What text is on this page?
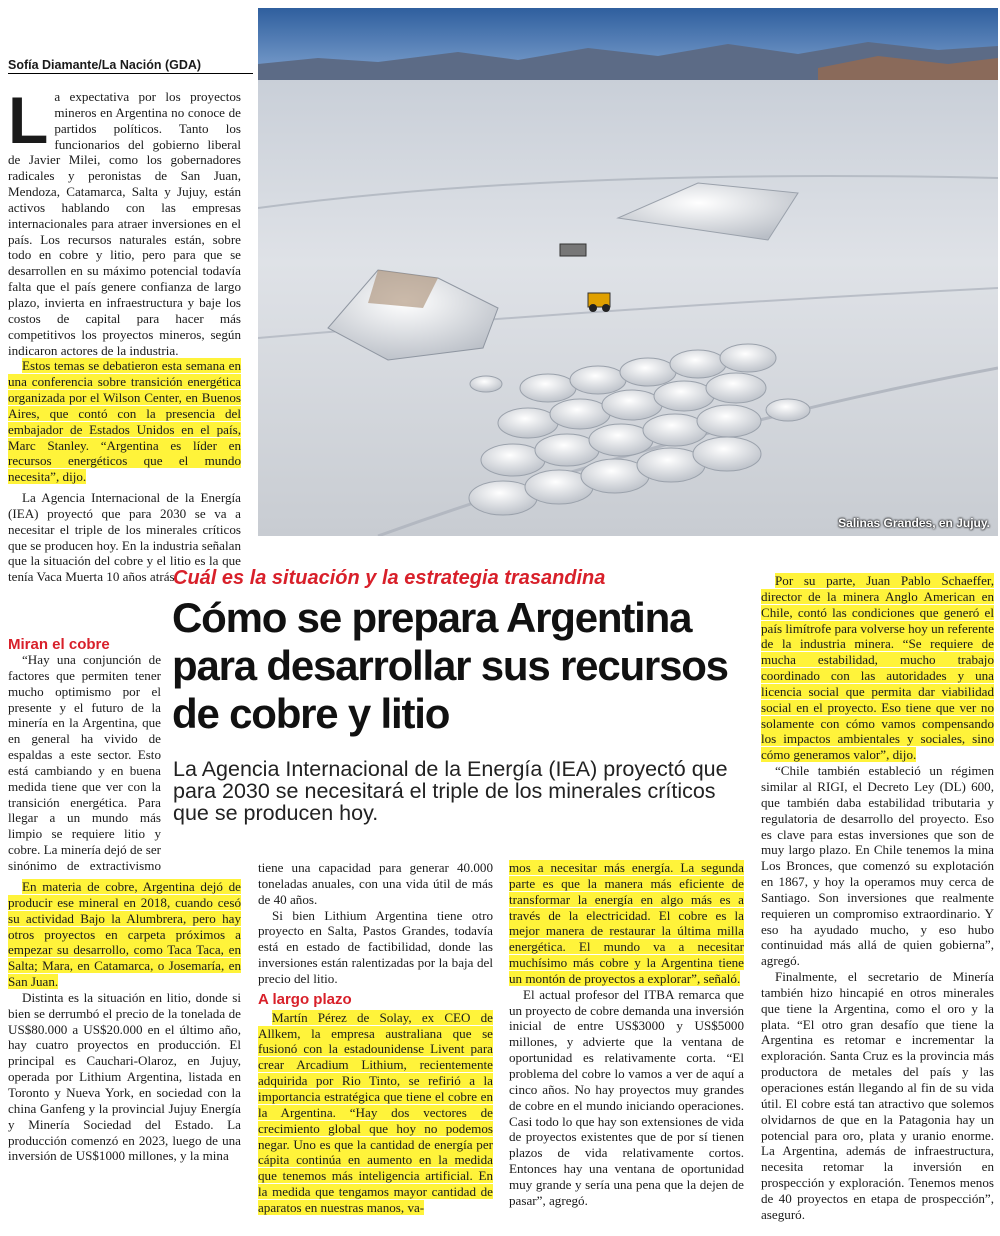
Sofía Diamante/La Nación (GDA)
Salinas Grandes, en Jujuy.

La expectativa por los proyectos mineros en Argentina no conoce de partidos políticos. Tanto los funcionarios del gobierno liberal de Javier Milei, como los gobernadores radicales y peronistas de San Juan, Mendoza, Catamarca, Salta y Jujuy, están activos hablando con las empresas internacionales para atraer inversiones en el país. Los recursos naturales están, sobre todo en cobre y litio, pero para que se desarrollen en su máximo potencial todavía falta que el país genere confianza de largo plazo, invierta en infraestructura y baje los costos de capital para hacer más competitivos los proyectos mineros, según indicaron actores de la industria.

Estos temas se debatieron esta semana en una conferencia sobre transición energética organizada por el Wilson Center, en Buenos Aires, que contó con la presencia del embajador de Estados Unidos en el país, Marc Stanley. “Argentina es líder en recursos energéticos que el mundo necesita”, dijo.

La Agencia Internacional de la Energía (IEA) proyectó que para 2030 se va a necesitar el triple de los minerales críticos que se producen hoy. En la industria señalan que la situación del cobre y el litio es la que tenía Vaca Muerta 10 años atrás.

Miran el cobre

“Hay una conjunción de factores que permiten tener mucho optimismo por el presente y el futuro de la minería en la Argentina, que en general ha vivido de espaldas a este sector. Esto está cambiando y en buena medida tiene que ver con la transición energética. Para llegar a un mundo más limpio se requiere litio y cobre. La minería dejó de ser sinónimo de extractivismo

En materia de cobre, Argentina dejó de producir ese mineral en 2018, cuando cesó su actividad Bajo la Alumbrera, pero hay otros proyectos en carpeta próximos a empezar su desarrollo, como Taca Taca, en Salta; Mara, en Catamarca, o Josemaría, en San Juan.

Distinta es la situación en litio, donde si bien se derrumbó el precio de la tonelada de US$80.000 a US$20.000 en el último año, hay cuatro proyectos en producción. El principal es Cauchari-Olaroz, en Jujuy, operada por Lithium Argentina, listada en Toronto y Nueva York, en sociedad con la china Ganfeng y la provincial Jujuy Energía y Minería Sociedad del Estado. La producción comenzó en 2023, luego de una inversión de US$1000 millones, y la mina

Cuál es la situación y la estrategia trasandina
Cómo se prepara Argentina para desarrollar sus recursos de cobre y litio
La Agencia Internacional de la Energía (IEA) proyectó que para 2030 se necesitará el triple de los minerales críticos que se producen hoy.

tiene una capacidad para generar 40.000 toneladas anuales, con una vida útil de más de 40 años.

Si bien Lithium Argentina tiene otro proyecto en Salta, Pastos Grandes, todavía está en estado de factibilidad, donde las inversiones están ralentizadas por la baja del precio del litio.

A largo plazo

Martín Pérez de Solay, ex CEO de Allkem, la empresa australiana que se fusionó con la estadounidense Livent para crear Arcadium Lithium, recientemente adquirida por Rio Tinto, se refirió a la importancia estratégica que tiene el cobre en la Argentina. “Hay dos vectores de crecimiento global que hoy no podemos negar. Uno es que la cantidad de energía per cápita continúa en aumento en la medida que tenemos más inteligencia artificial. En la medida que tengamos mayor cantidad de aparatos en nuestras manos, va-

mos a necesitar más energía. La segunda parte es que la manera más eficiente de transformar la energía en algo más es a través de la electricidad. El cobre es la mejor manera de restaurar la última milla energética. El mundo va a necesitar muchísimo más cobre y la Argentina tiene un montón de proyectos a explorar”, señaló.

El actual profesor del ITBA remarca que un proyecto de cobre demanda una inversión inicial de entre US$3000 y US$5000 millones, y advierte que la ventana de oportunidad es relativamente corta. “El problema del cobre lo vamos a ver de aquí a cinco años. No hay proyectos muy grandes de cobre en el mundo iniciando operaciones. Casi todo lo que hay son extensiones de vida de proyectos existentes que de por sí tienen plazos de vida relativamente cortos. Entonces hay una ventana de oportunidad muy grande y sería una pena que la dejen de pasar”, agregó.

Por su parte, Juan Pablo Schaeffer, director de la minera Anglo American en Chile, contó las condiciones que generó el país limítrofe para volverse hoy un referente de la industria minera. “Se requiere de mucha estabilidad, mucho trabajo coordinado con las autoridades y una licencia social que permita dar viabilidad social en el proyecto. Eso tiene que ver no solamente con cómo vamos compensando los impactos ambientales y sociales, sino cómo generamos valor”, dijo.

“Chile también estableció un régimen similar al RIGI, el Decreto Ley (DL) 600, que también daba estabilidad tributaria y regulatoria de desarrollo del proyecto. Eso es clave para estas inversiones que son de muy largo plazo. En Chile tenemos la mina Los Bronces, que comenzó su explotación en 1867, y hoy la operamos muy cerca de Santiago. Son inversiones que realmente requieren un compromiso extraordinario. Y eso ha ayudado mucho, y eso hubo continuidad más allá de quien gobierna”, agregó.

Finalmente, el secretario de Minería también hizo hincapié en otros minerales que tiene la Argentina, como el oro y la plata. “El otro gran desafío que tiene la Argentina es retomar e incrementar la exploración. Santa Cruz es la provincia más productora de metales del país y las operaciones están llegando al fin de su vida útil. El cobre está tan atractivo que solemos olvidarnos de que en la Patagonia hay un potencial para oro, plata y uranio enorme. La Argentina, además de infraestructura, necesita retomar la inversión en prospección y exploración. Tenemos menos de 40 proyectos en etapa de prospección”, aseguró.
